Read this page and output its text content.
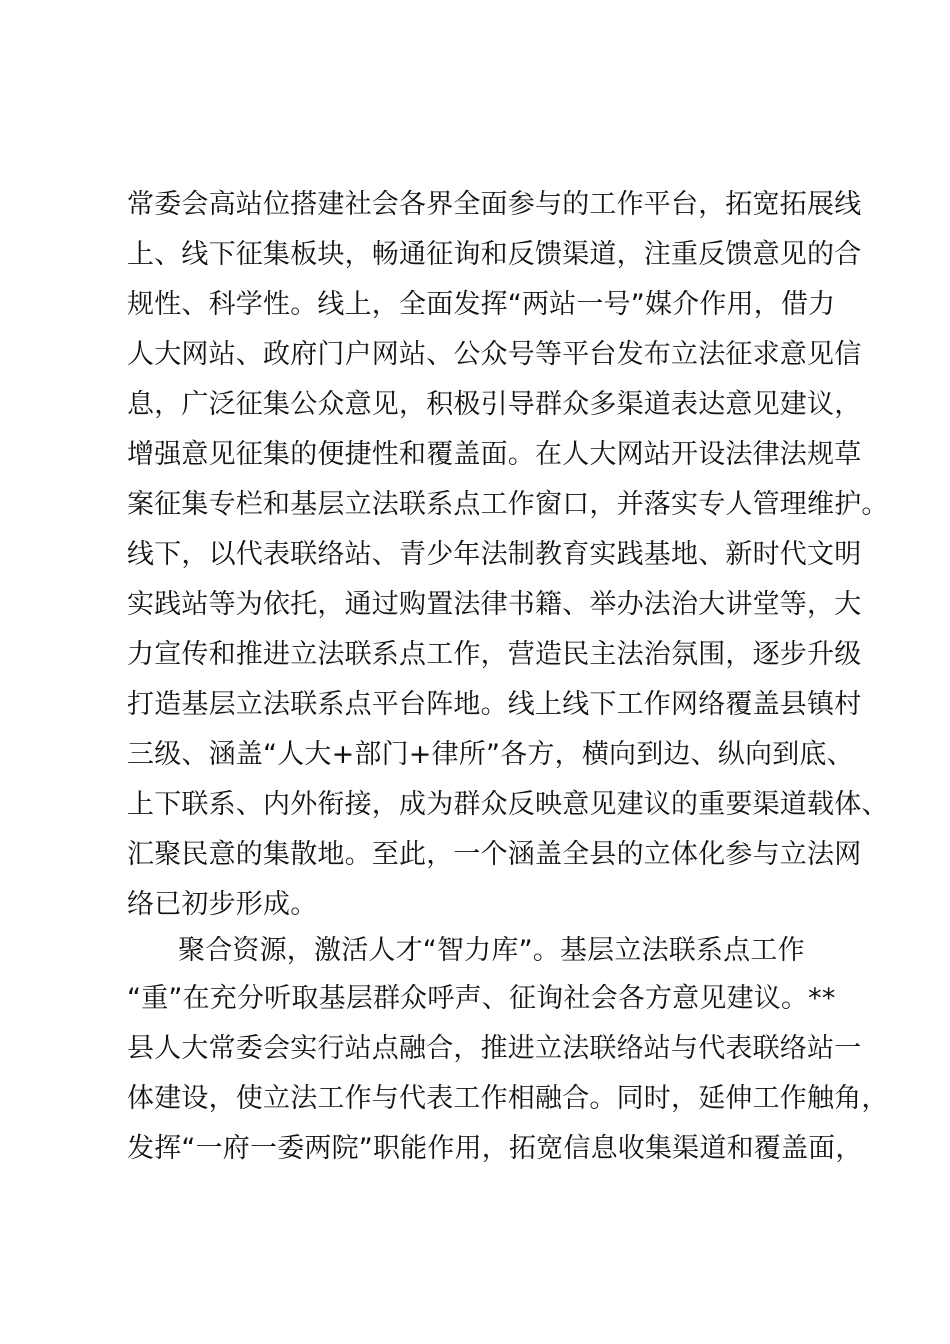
常委会高站位搭建社会各界全面参与的工作平台，拓宽拓展线
上、线下征集板块，畅通征询和反馈渠道，注重反馈意见的合
规性、科学性。线上，全面发挥“两站一号”媒介作用，借力
人大网站、政府门户网站、公众号等平台发布立法征求意见信
息，广泛征集公众意见，积极引导群众多渠道表达意见建议，
增强意见征集的便捷性和覆盖面。在人大网站开设法律法规草
案征集专栏和基层立法联系点工作窗口，并落实专人管理维护。
线下，以代表联络站、青少年法制教育实践基地、新时代文明
实践站等为依托，通过购置法律书籍、举办法治大讲堂等，大
力宣传和推进立法联系点工作，营造民主法治氛围，逐步升级
打造基层立法联系点平台阵地。线上线下工作网络覆盖县镇村
三级、涵盖“人大+部门+律所”各方，横向到边、纵向到底、
上下联系、内外衔接，成为群众反映意见建议的重要渠道载体、
汇聚民意的集散地。至此，一个涵盖全县的立体化参与立法网
络已初步形成。
聚合资源，激活人才“智力库”。基层立法联系点工作
“重”在充分听取基层群众呼声、征询社会各方意见建议。**
县人大常委会实行站点融合，推进立法联络站与代表联络站一
体建设，使立法工作与代表工作相融合。同时，延伸工作触角，
发挥“一府一委两院”职能作用，拓宽信息收集渠道和覆盖面，
